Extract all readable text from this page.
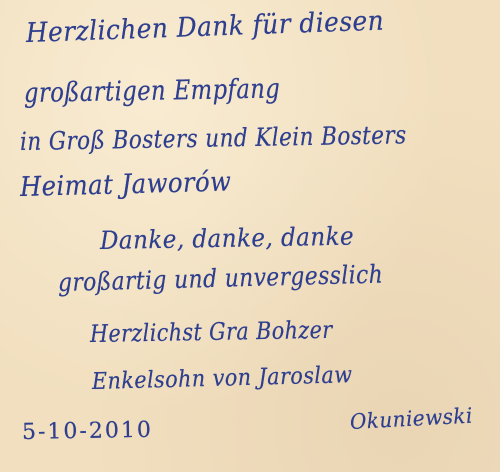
Herzlichen Dank für diesen
großartigen Empfang
in Groß Bosters und Klein Bosters
Heimat Jaworów
Danke, danke, danke
großartig und unvergesslich
Herzlichst Gra Bohzer
Enkelsohn von Jaroslaw
5-10-2010	Okuniewski
